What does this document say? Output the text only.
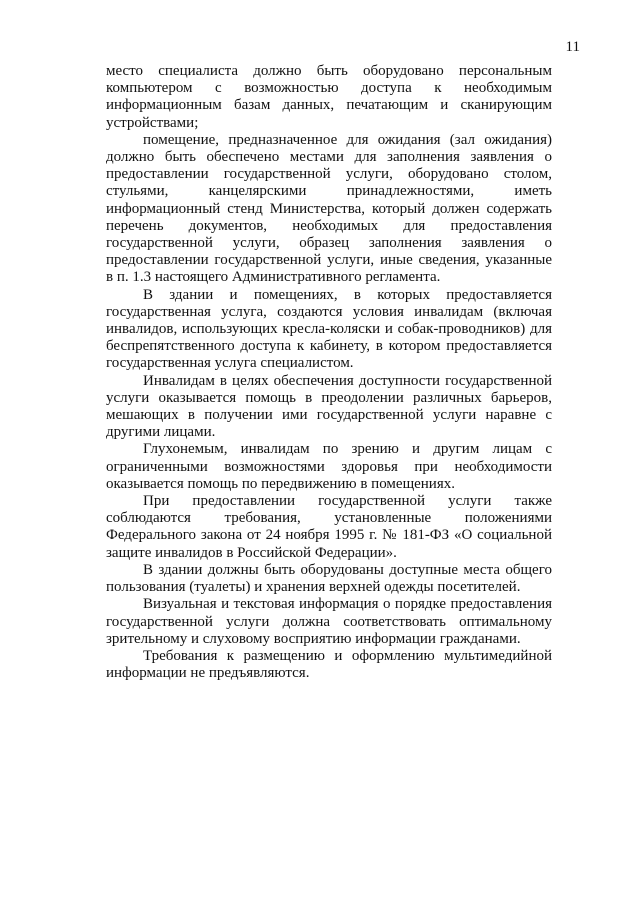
11

место специалиста должно быть оборудовано персональным компьютером с возможностью доступа к необходимым информационным базам данных, печатающим и сканирующим устройствами;

помещение, предназначенное для ожидания (зал ожидания) должно быть обеспечено местами для заполнения заявления о предоставлении государственной услуги, оборудовано столом, стульями, канцелярскими принадлежностями, иметь информационный стенд Министерства, который должен содержать перечень документов, необходимых для предоставления государственной услуги, образец заполнения заявления о предоставлении государственной услуги, иные сведения, указанные в п. 1.3 настоящего Административного регламента.

В здании и помещениях, в которых предоставляется государственная услуга, создаются условия инвалидам (включая инвалидов, использующих кресла-коляски и собак-проводников) для беспрепятственного доступа к кабинету, в котором предоставляется государственная услуга специалистом.

Инвалидам в целях обеспечения доступности государственной услуги оказывается помощь в преодолении различных барьеров, мешающих в получении ими государственной услуги наравне с другими лицами.

Глухонемым, инвалидам по зрению и другим лицам с ограниченными возможностями здоровья при необходимости оказывается помощь по передвижению в помещениях.

При предоставлении государственной услуги также соблюдаются требования, установленные положениями Федерального закона от 24 ноября 1995 г. № 181-ФЗ «О социальной защите инвалидов в Российской Федерации».

В здании должны быть оборудованы доступные места общего пользования (туалеты) и хранения верхней одежды посетителей.

Визуальная и текстовая информация о порядке предоставления государственной услуги должна соответствовать оптимальному зрительному и слуховому восприятию информации гражданами.

Требования к размещению и оформлению мультимедийной информации не предъявляются.
